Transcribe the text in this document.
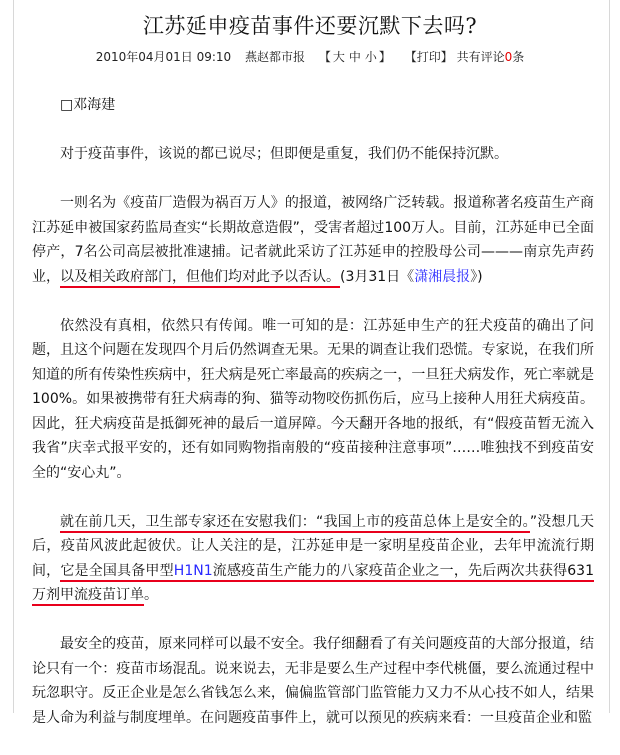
江苏延申疫苗事件还要沉默下去吗?
2010年04月01日 09:10 燕赵都市报 【 大 中 小 】 【打印】 共有评论0条

□邓海建

对于疫苗事件，该说的都已说尽；但即便是重复，我们仍不能保持沉默。

一则名为《疫苗厂造假为祸百万人》的报道，被网络广泛转载。报道称著名疫苗生产商江苏延申被国家药监局查实“长期故意造假”，受害者超过100万人。目前，江苏延申已全面停产，7名公司高层被批准逮捕。记者就此采访了江苏延申的控股母公司———南京先声药业，以及相关政府部门，但他们均对此予以否认。(3月31日《潇湘晨报》)

依然没有真相，依然只有传闻。唯一可知的是：江苏延申生产的狂犬疫苗的确出了问题，且这个问题在发现四个月后仍然调查无果。无果的调查让我们恐慌。专家说，在我们所知道的所有传染性疾病中，狂犬病是死亡率最高的疾病之一，一旦狂犬病发作，死亡率就是100%。如果被携带有狂犬病毒的狗、猫等动物咬伤抓伤后，应马上接种人用狂犬病疫苗。因此，狂犬病疫苗是抵御死神的最后一道屏障。今天翻开各地的报纸，有“假疫苗暂无流入我省”庆幸式报平安的，还有如同购物指南般的“疫苗接种注意事项”……唯独找不到疫苗安全的“安心丸”。

就在前几天，卫生部专家还在安慰我们：“我国上市的疫苗总体上是安全的。”没想几天后，疫苗风波此起彼伏。让人关注的是，江苏延申是一家明星疫苗企业，去年甲流流行期间，它是全国具备甲型H1N1流感疫苗生产能力的八家疫苗企业之一，先后两次共获得631万剂甲流疫苗订单。

最安全的疫苗，原来同样可以最不安全。我仔细翻看了有关问题疫苗的大部分报道，结论只有一个：疫苗市场混乱。说来说去，无非是要么生产过程中李代桃僵，要么流通过程中玩忽职守。反正企业是怎么省钱怎么来，偏偏监管部门监管能力又力不从心技不如人，结果是人命为利益与制度埋单。在问题疫苗事件上，就可以预见的疾病来看：一旦疫苗企业和監
